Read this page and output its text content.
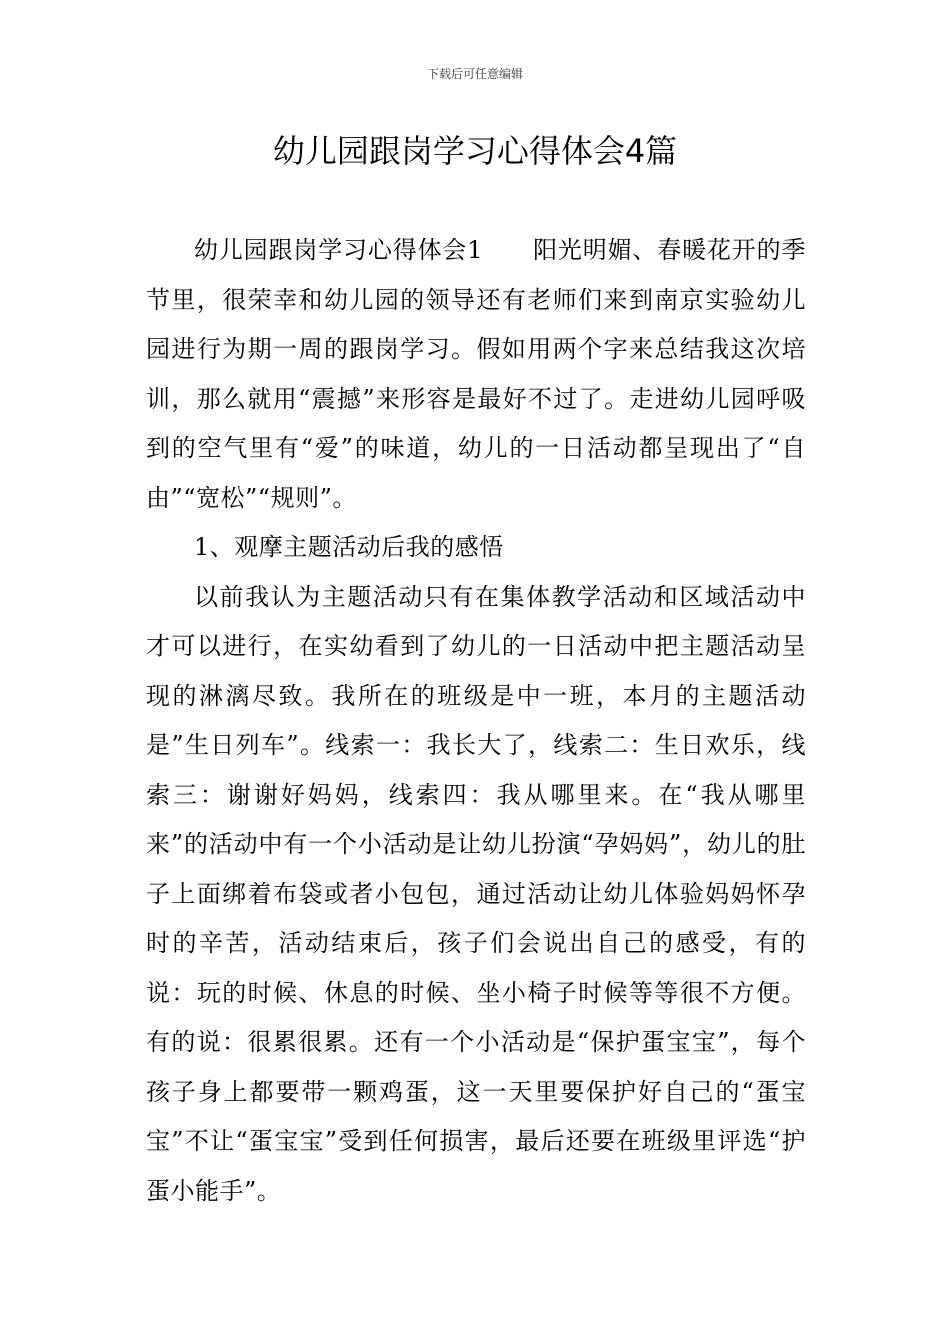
下载后可任意编辑
幼儿园跟岗学习心得体会4篇

幼儿园跟岗学习心得体会1　　阳光明媚、春暖花开的季节里，很荣幸和幼儿园的领导还有老师们来到南京实验幼儿园进行为期一周的跟岗学习。假如用两个字来总结我这次培训，那么就用“震撼”来形容是最好不过了。走进幼儿园呼吸到的空气里有“爱”的味道，幼儿的一日活动都呈现出了“自由”“宽松”“规则”。

1、观摩主题活动后我的感悟

以前我认为主题活动只有在集体教学活动和区域活动中才可以进行，在实幼看到了幼儿的一日活动中把主题活动呈现的淋漓尽致。我所在的班级是中一班，本月的主题活动是”生日列车”。线索一：我长大了，线索二：生日欢乐，线索三：谢谢好妈妈，线索四：我从哪里来。在“我从哪里来”的活动中有一个小活动是让幼儿扮演“孕妈妈”，幼儿的肚子上面绑着布袋或者小包包，通过活动让幼儿体验妈妈怀孕时的辛苦，活动结束后，孩子们会说出自己的感受，有的说：玩的时候、休息的时候、坐小椅子时候等等很不方便。有的说：很累很累。还有一个小活动是“保护蛋宝宝”，每个孩子身上都要带一颗鸡蛋，这一天里要保护好自己的“蛋宝宝”不让“蛋宝宝”受到任何损害，最后还要在班级里评选“护蛋小能手”。
